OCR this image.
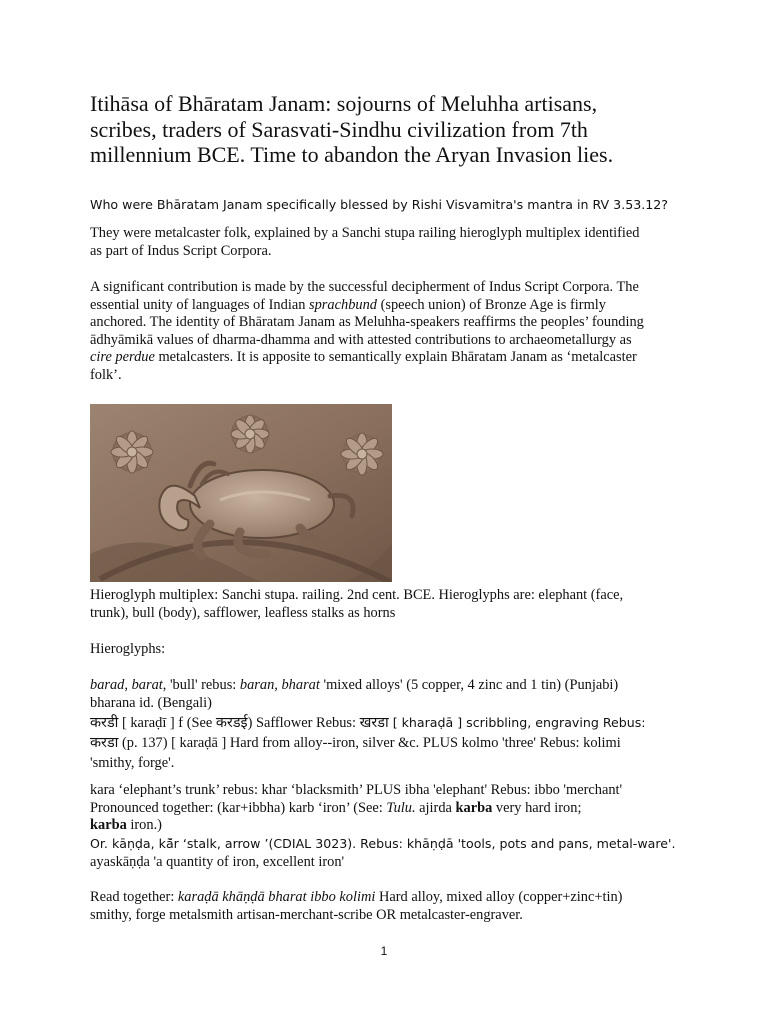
Itihāsa of Bhāratam Janam: sojourns of Meluhha artisans,
scribes, traders of Sarasvati-Sindhu civilization from 7th
millennium BCE. Time to abandon the Aryan Invasion lies.

Who were Bhāratam Janam specifically blessed by Rishi Visvamitra's mantra in RV 3.53.12?

They were metalcaster folk, explained by a Sanchi stupa railing hieroglyph multiplex identified
as part of Indus Script Corpora.

A significant contribution is made by the successful decipherment of Indus Script Corpora. The
essential unity of languages of Indian sprachbund (speech union) of Bronze Age is firmly
anchored. The identity of Bhāratam Janam as Meluhha-speakers reaffirms the peoples’ founding
ādhyāmikā values of dharma-dhamma and with attested contributions to archaeometallurgy as
cire perdue metalcasters. It is apposite to semantically explain Bhāratam Janam as ‘metalcaster
folk’.

Hieroglyph multiplex: Sanchi stupa. railing. 2nd cent. BCE. Hieroglyphs are: elephant (face,
trunk), bull (body), safflower, leafless stalks as horns

Hieroglyphs:

barad, barat, 'bull' rebus: baran, bharat 'mixed alloys' (5 copper, 4 zinc and 1 tin) (Punjabi)
bharana id. (Bengali)

करडी [ karaḍī ] f (See करडई) Safflower Rebus: खरडा [ kharaḍā ] scribbling, engraving Rebus:
करडा (p. 137) [ karaḍā ] Hard from alloy--iron, silver &c. PLUS kolmo 'three' Rebus: kolimi
'smithy, forge'.

kara ‘elephant’s trunk’ rebus: khar ‘blacksmith’ PLUS ibha 'elephant' Rebus: ibbo 'merchant'
Pronounced together: (kar+ibbha) karb ‘iron’ (See: Tulu. ajirda karba very hard iron;
karba iron.)

Or. kāṇḍa, kā̆r ‘stalk, arrow ’(CDIAL 3023). Rebus: khāṇḍā 'tools, pots and pans, metal-ware'.
ayaskāṇḍa 'a quantity of iron, excellent iron'

Read together: karaḍā khāṇḍā bharat ibbo kolimi Hard alloy, mixed alloy (copper+zinc+tin)
smithy, forge metalsmith artisan-merchant-scribe OR metalcaster-engraver.

1
